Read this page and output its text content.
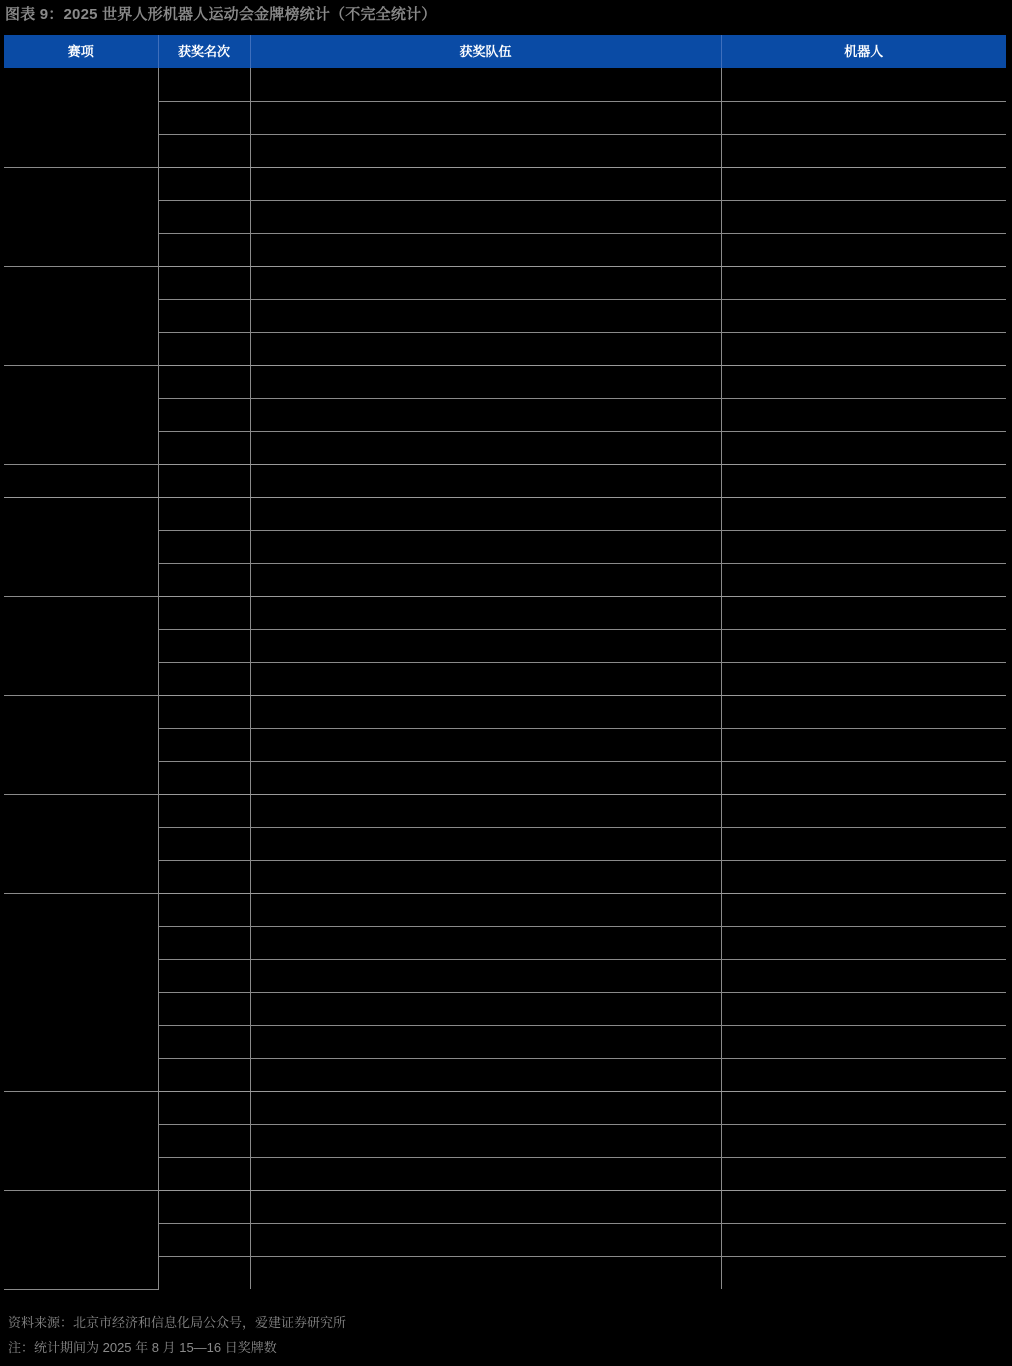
图表 9：2025 世界人形机器人运动会金牌榜统计（不完全统计）
赛项	获奖名次	获奖队伍	机器人

资料来源：北京市经济和信息化局公众号，爱建证券研究所
注：统计期间为 2025 年 8 月 15—16 日奖牌数
